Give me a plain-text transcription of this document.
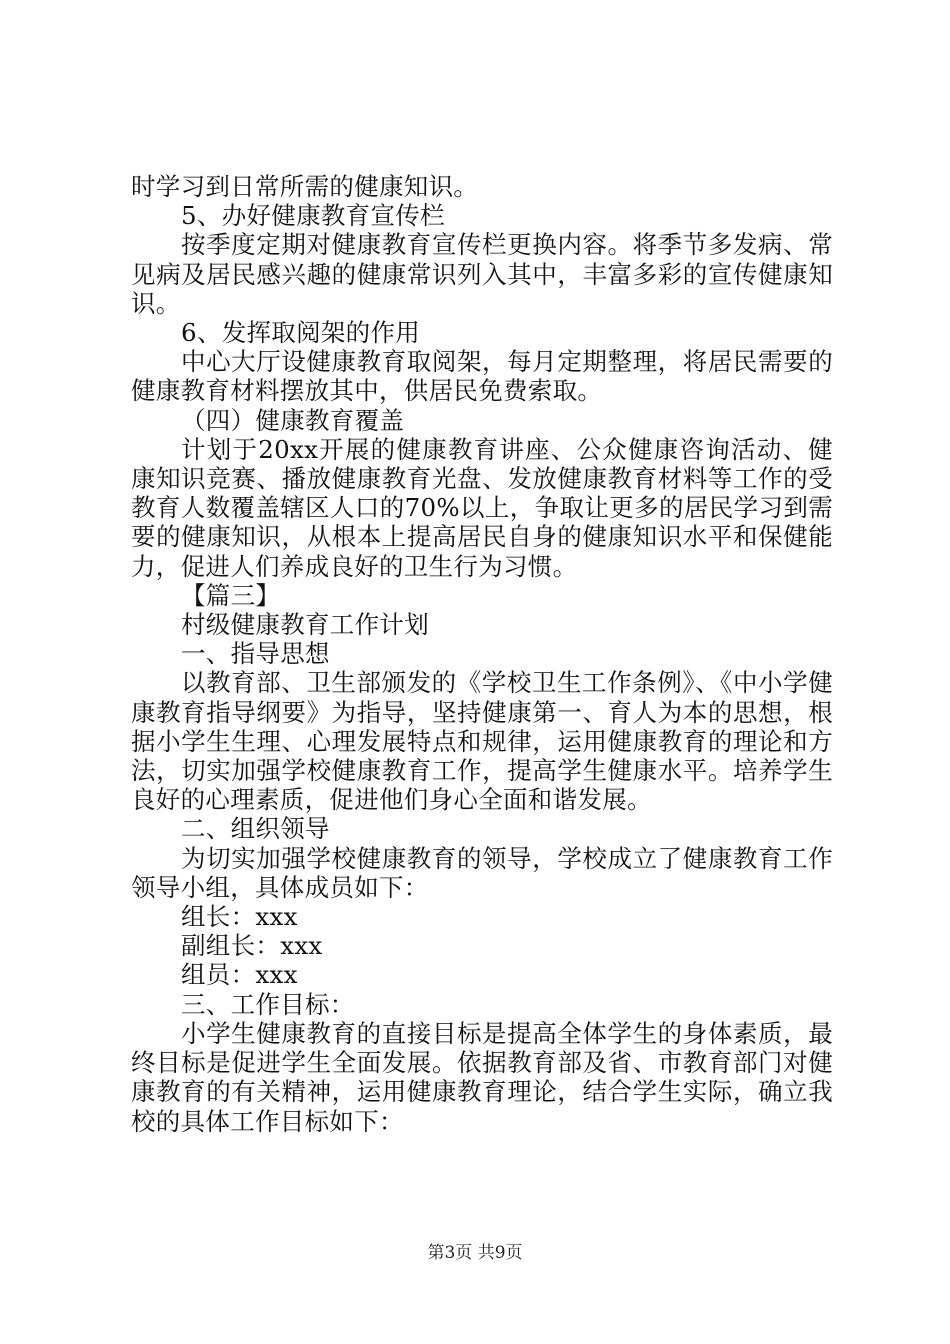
时学习到日常所需的健康知识。

5、办好健康教育宣传栏

按季度定期对健康教育宣传栏更换内容。将季节多发病、常见病及居民感兴趣的健康常识列入其中，丰富多彩的宣传健康知识。

6、发挥取阅架的作用

中心大厅设健康教育取阅架，每月定期整理，将居民需要的健康教育材料摆放其中，供居民免费索取。

（四）健康教育覆盖

计划于20xx开展的健康教育讲座、公众健康咨询活动、健康知识竞赛、播放健康教育光盘、发放健康教育材料等工作的受教育人数覆盖辖区人口的70%以上，争取让更多的居民学习到需要的健康知识，从根本上提高居民自身的健康知识水平和保健能力，促进人们养成良好的卫生行为习惯。

【篇三】

村级健康教育工作计划

一、指导思想

以教育部、卫生部颁发的《学校卫生工作条例》、《中小学健康教育指导纲要》为指导，坚持健康第一、育人为本的思想，根据小学生生理、心理发展特点和规律，运用健康教育的理论和方法，切实加强学校健康教育工作，提高学生健康水平。培养学生良好的心理素质，促进他们身心全面和谐发展。

二、组织领导

为切实加强学校健康教育的领导，学校成立了健康教育工作领导小组，具体成员如下：

组长：xxx

副组长：xxx

组员：xxx

三、工作目标：

小学生健康教育的直接目标是提高全体学生的身体素质，最终目标是促进学生全面发展。依据教育部及省、市教育部门对健康教育的有关精神，运用健康教育理论，结合学生实际，确立我校的具体工作目标如下：

第3页 共9页
